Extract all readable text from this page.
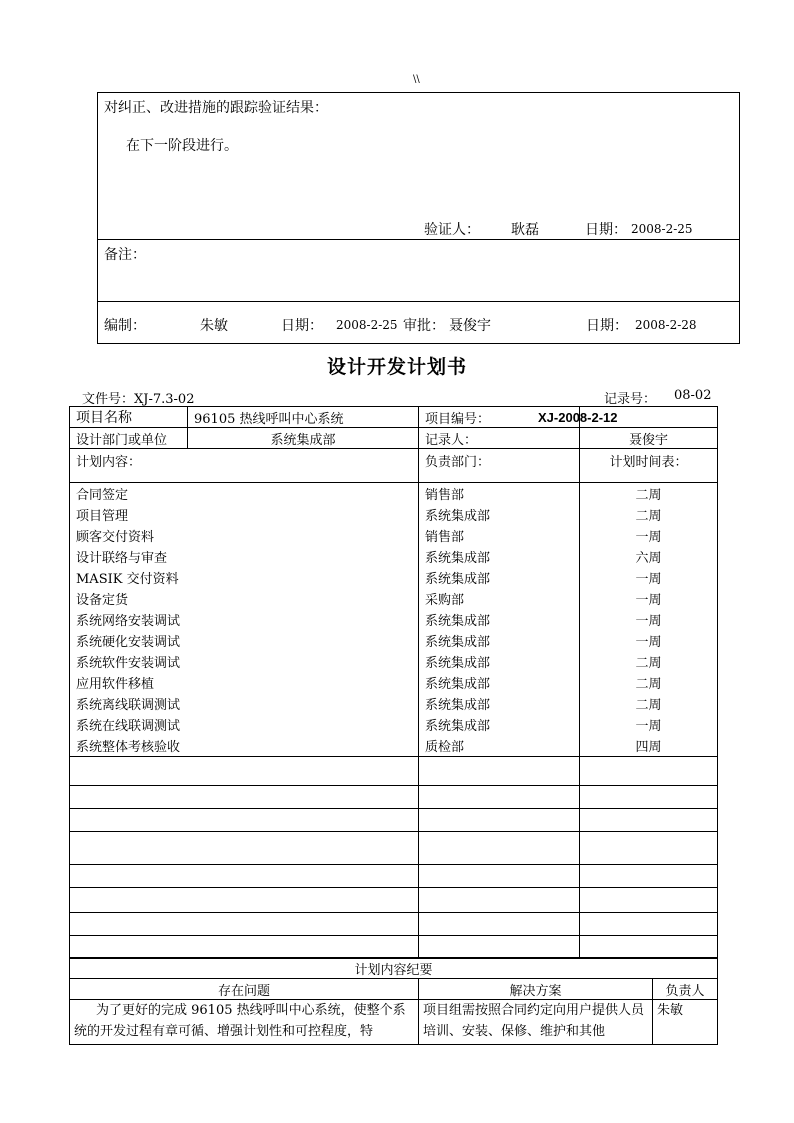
\\
对纠正、改进措施的跟踪验证结果：
在下一阶段进行。
验证人： 耿磊	日期： 2008-2-25
备注：
编制：	朱敏	日期： 2008-2-25 审批： 聂俊宇	日期： 2008-2-28
设计开发计划书
文件号：XJ-7.3-02	记录号： 08-02
项目名称	96105 热线呼叫中心系统	项目编号：	XJ-2008-2-12
设计部门或单位	系统集成部	记录人：	聂俊宇
计划内容：		负责部门：	计划时间表：
合同签定		销售部	二周
项目管理		系统集成部	二周
顾客交付资料		销售部	一周
设计联络与审查		系统集成部	六周
MASIK 交付资料		系统集成部	一周
设备定货		采购部	一周
系统网络安装调试		系统集成部	一周
系统硬化安装调试		系统集成部	一周
系统软件安装调试		系统集成部	二周
应用软件移植		系统集成部	二周
系统离线联调测试		系统集成部	二周
系统在线联调测试		系统集成部	一周
系统整体考核验收		质检部	四周

计划内容纪要		
存在问题	解决方案	负责人
为了更好的完成 96105 热线呼叫中心系统，使整个系统的开发过程有章可循、增强计划性和可控程度，特	项目组需按照合同约定向用户提供人员培训、安装、保修、维护和其他	朱敏
